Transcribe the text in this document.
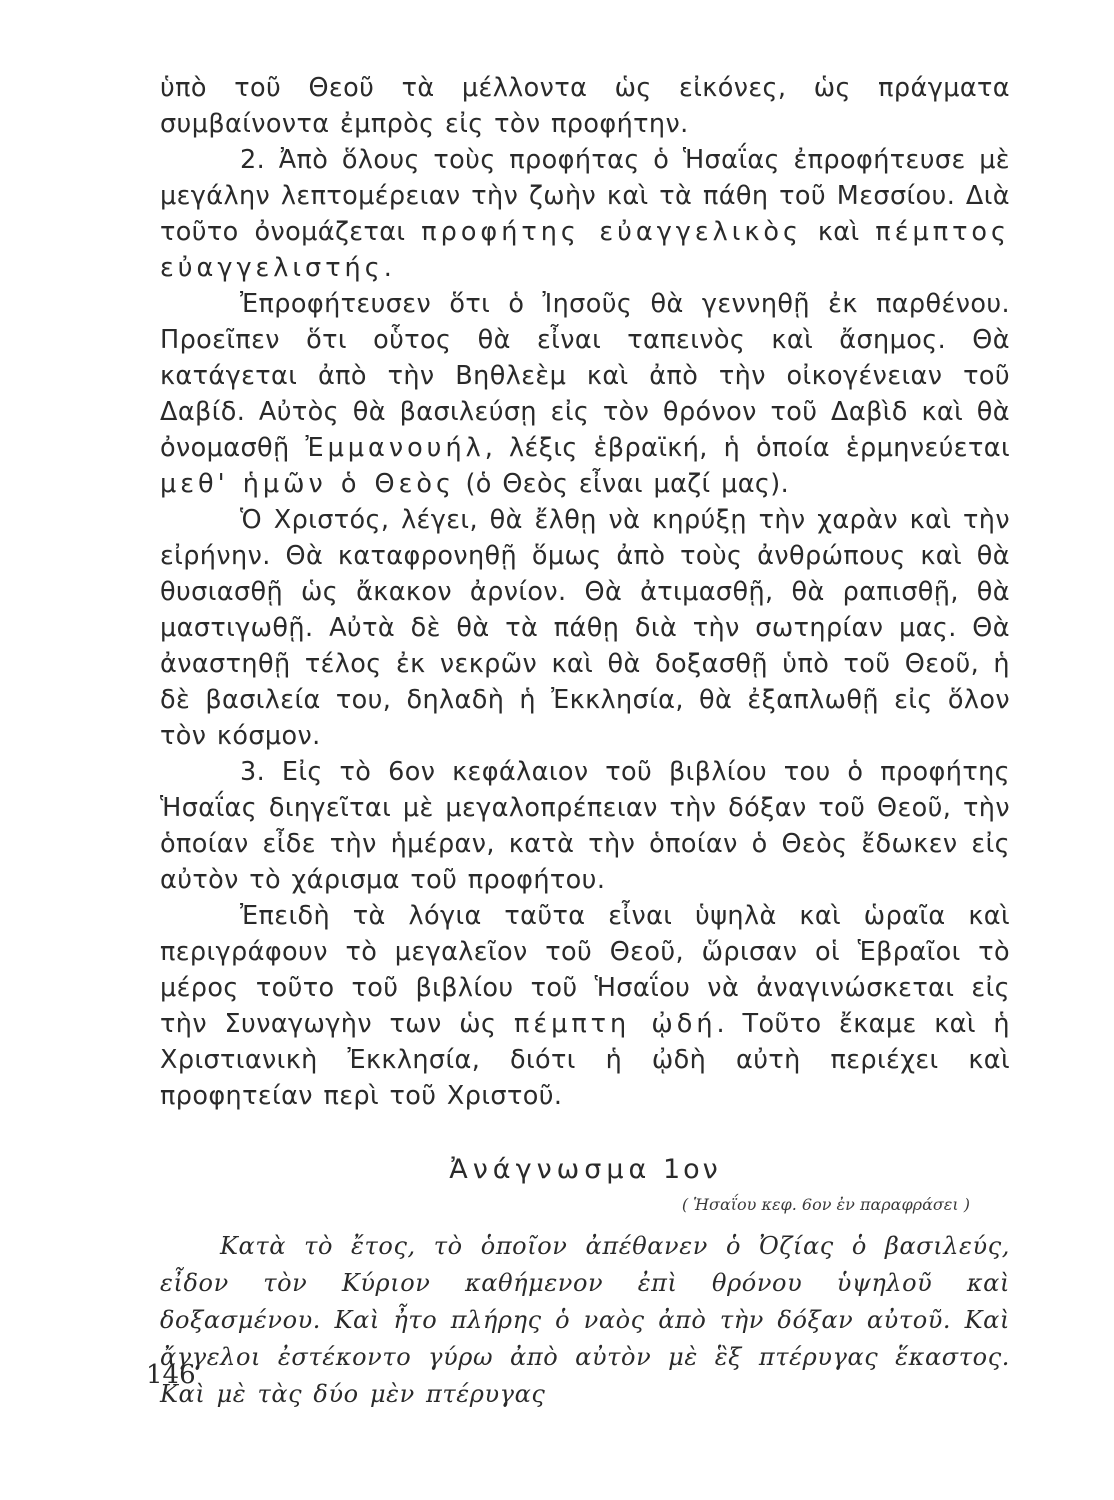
ὑπὸ τοῦ Θεοῦ τὰ μέλλοντα ὡς εἰκόνες, ὡς πράγματα συμβαίνοντα ἐμπρὸς εἰς τὸν προφήτην.

2. Ἀπὸ ὅλους τοὺς προφήτας ὁ Ἡσαΐας ἐπροφήτευσε μὲ μεγάλην λεπτομέρειαν τὴν ζωὴν καὶ τὰ πάθη τοῦ Μεσσίου. Διὰ τοῦτο ὀνομάζεται προφήτης εὐαγγελικὸς καὶ πέμπτος εὐαγγελιστής.

Ἐπροφήτευσεν ὅτι ὁ Ἰησοῦς θὰ γεννηθῇ ἐκ παρθένου. Προεῖπεν ὅτι οὗτος θὰ εἶναι ταπεινὸς καὶ ἄσημος. Θὰ κατάγεται ἀπὸ τὴν Βηθλεὲμ καὶ ἀπὸ τὴν οἰκογένειαν τοῦ Δαβίδ. Αὐτὸς θὰ βασιλεύσῃ εἰς τὸν θρόνον τοῦ Δαβὶδ καὶ θὰ ὀνομασθῇ Ἐμμανουήλ, λέξις ἑβραϊκή, ἡ ὁποία ἑρμηνεύεται μεθ' ἡμῶν ὁ Θεὸς (ὁ Θεὸς εἶναι μαζί μας).

Ὁ Χριστός, λέγει, θὰ ἔλθῃ νὰ κηρύξῃ τὴν χαρὰν καὶ τὴν εἰρήνην. Θὰ καταφρονηθῇ ὅμως ἀπὸ τοὺς ἀνθρώπους καὶ θὰ θυσιασθῇ ὡς ἄκακον ἀρνίον. Θὰ ἀτιμασθῇ, θὰ ραπισθῇ, θὰ μαστιγωθῇ. Αὐτὰ δὲ θὰ τὰ πάθῃ διὰ τὴν σωτηρίαν μας. Θὰ ἀναστηθῇ τέλος ἐκ νεκρῶν καὶ θὰ δοξασθῇ ὑπὸ τοῦ Θεοῦ, ἡ δὲ βασιλεία του, δηλαδὴ ἡ Ἐκκλησία, θὰ ἐξαπλωθῇ εἰς ὅλον τὸν κόσμον.

3. Εἰς τὸ 6ον κεφάλαιον τοῦ βιβλίου του ὁ προφήτης Ἡσαΐας διηγεῖται μὲ μεγαλοπρέπειαν τὴν δόξαν τοῦ Θεοῦ, τὴν ὁποίαν εἶδε τὴν ἡμέραν, κατὰ τὴν ὁποίαν ὁ Θεὸς ἔδωκεν εἰς αὐτὸν τὸ χάρισμα τοῦ προφήτου.

Ἐπειδὴ τὰ λόγια ταῦτα εἶναι ὑψηλὰ καὶ ὡραῖα καὶ περιγράφουν τὸ μεγαλεῖον τοῦ Θεοῦ, ὥρισαν οἱ Ἑβραῖοι τὸ μέρος τοῦτο τοῦ βιβλίου τοῦ Ἡσαΐου νὰ ἀναγινώσκεται εἰς τὴν Συναγωγὴν των ὡς πέμπτη ᾠδή. Τοῦτο ἔκαμε καὶ ἡ Χριστιανικὴ Ἐκκλησία, διότι ἡ ᾠδὴ αὐτὴ περιέχει καὶ προφητείαν περὶ τοῦ Χριστοῦ.

Ἀνάγνωσμα 1ον
( Ἡσαΐου κεφ. 6ον ἐν παραφράσει )

Κατὰ τὸ ἔτος, τὸ ὁποῖον ἀπέθανεν ὁ Ὀζίας ὁ βασιλεύς, εἶδον τὸν Κύριον καθήμενον ἐπὶ θρόνου ὑψηλοῦ καὶ δοξασμένου. Καὶ ἦτο πλήρης ὁ ναὸς ἀπὸ τὴν δόξαν αὐτοῦ. Καὶ ἄγγελοι ἐστέκοντο γύρω ἀπὸ αὐτὸν μὲ ἓξ πτέρυγας ἕκαστος. Καὶ μὲ τὰς δύο μὲν πτέρυγας

146
